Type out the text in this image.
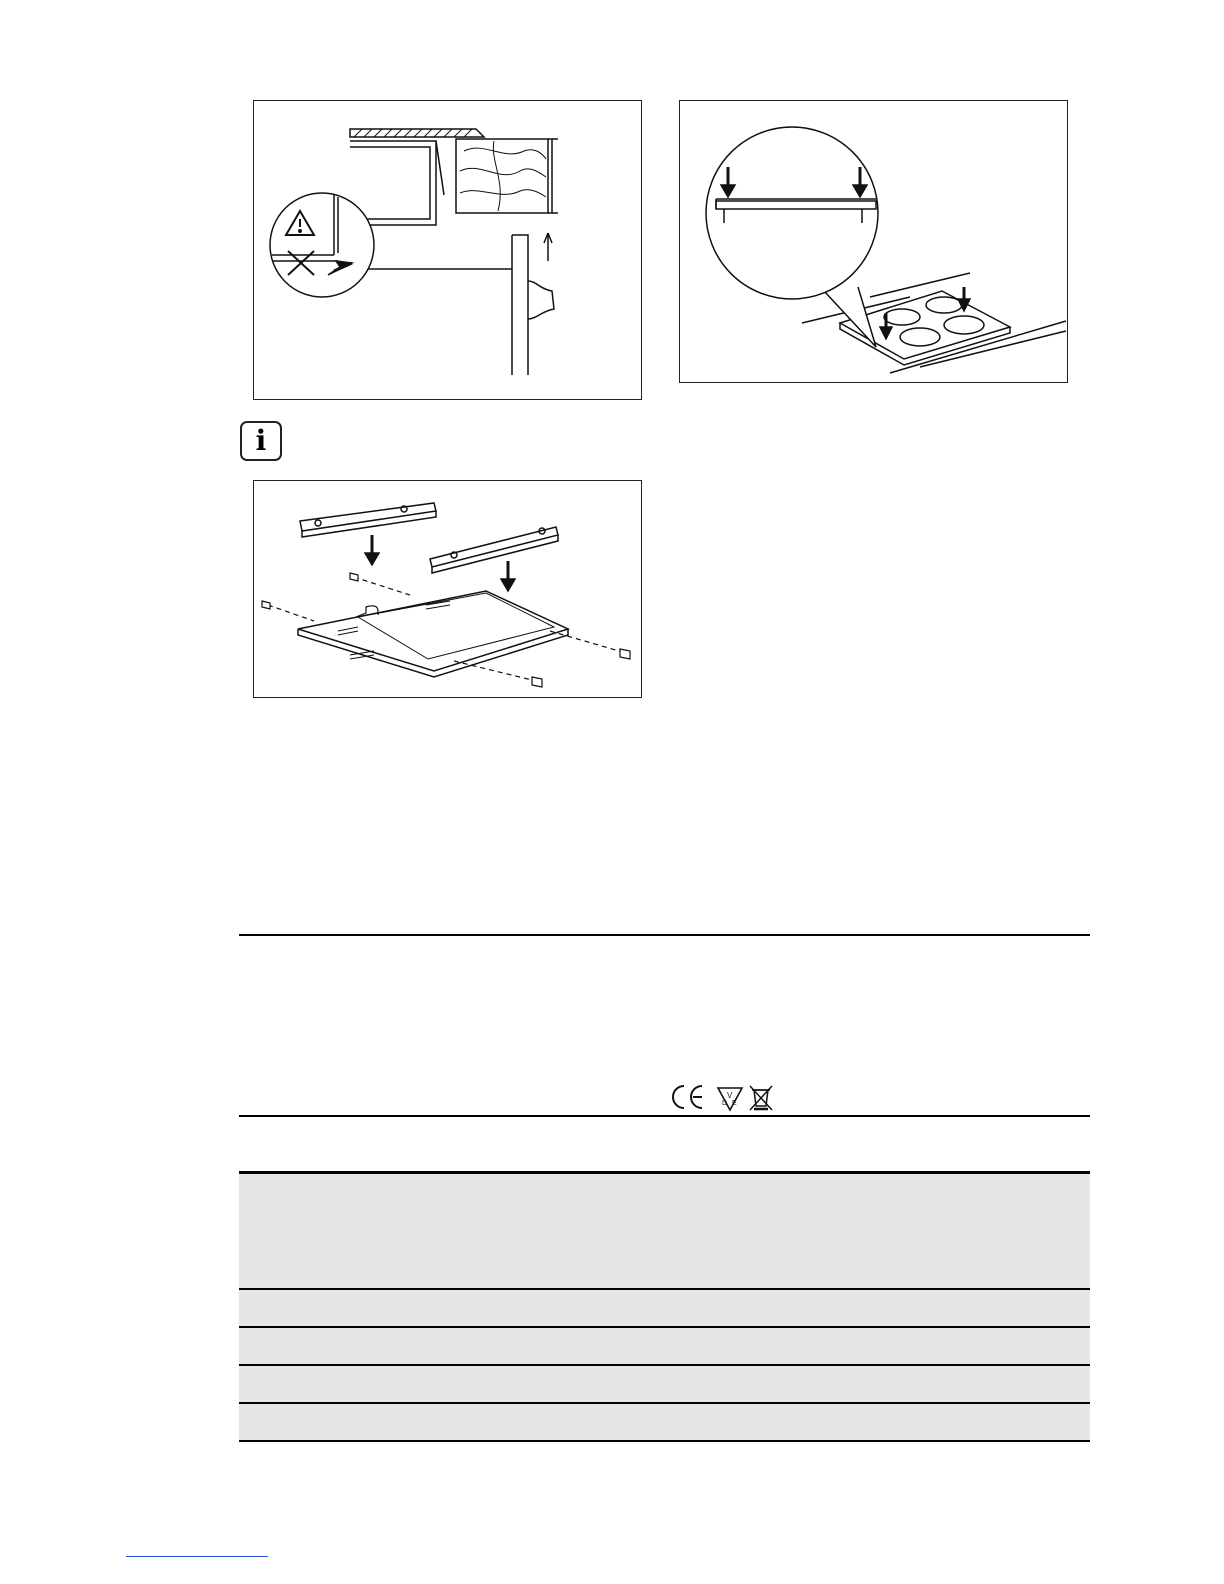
i
V
D E
